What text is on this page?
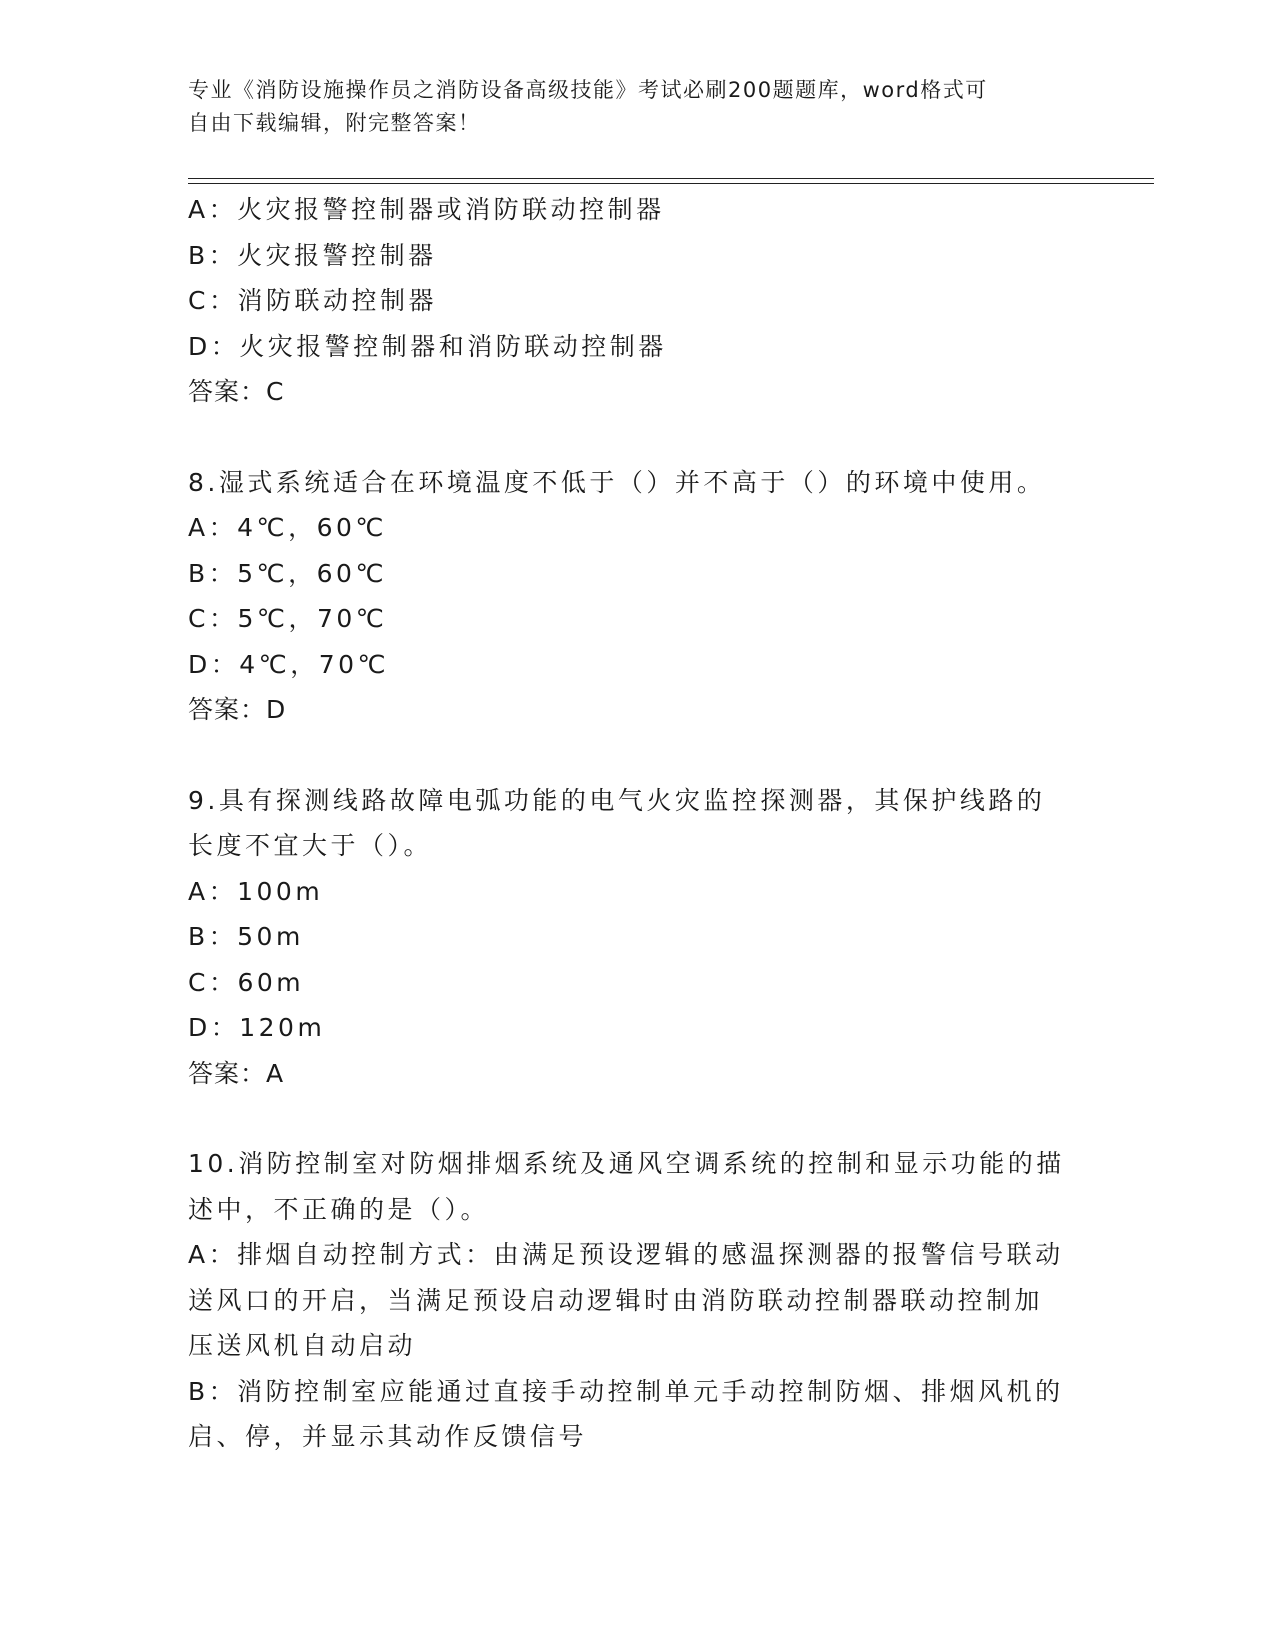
专业《消防设施操作员之消防设备高级技能》考试必刷200题题库，word格式可
自由下载编辑，附完整答案！
A：火灾报警控制器或消防联动控制器
B：火灾报警控制器
C：消防联动控制器
D：火灾报警控制器和消防联动控制器
答案：C
8.湿式系统适合在环境温度不低于（）并不高于（）的环境中使用。
A：4℃，60℃
B：5℃，60℃
C：5℃，70℃
D：4℃，70℃
答案：D
9.具有探测线路故障电弧功能的电气火灾监控探测器，其保护线路的
长度不宜大于（）。
A：100m
B：50m
C：60m
D：120m
答案：A
10.消防控制室对防烟排烟系统及通风空调系统的控制和显示功能的描
述中，不正确的是（）。
A：排烟自动控制方式：由满足预设逻辑的感温探测器的报警信号联动
送风口的开启，当满足预设启动逻辑时由消防联动控制器联动控制加
压送风机自动启动
B：消防控制室应能通过直接手动控制单元手动控制防烟、排烟风机的
启、停，并显示其动作反馈信号
